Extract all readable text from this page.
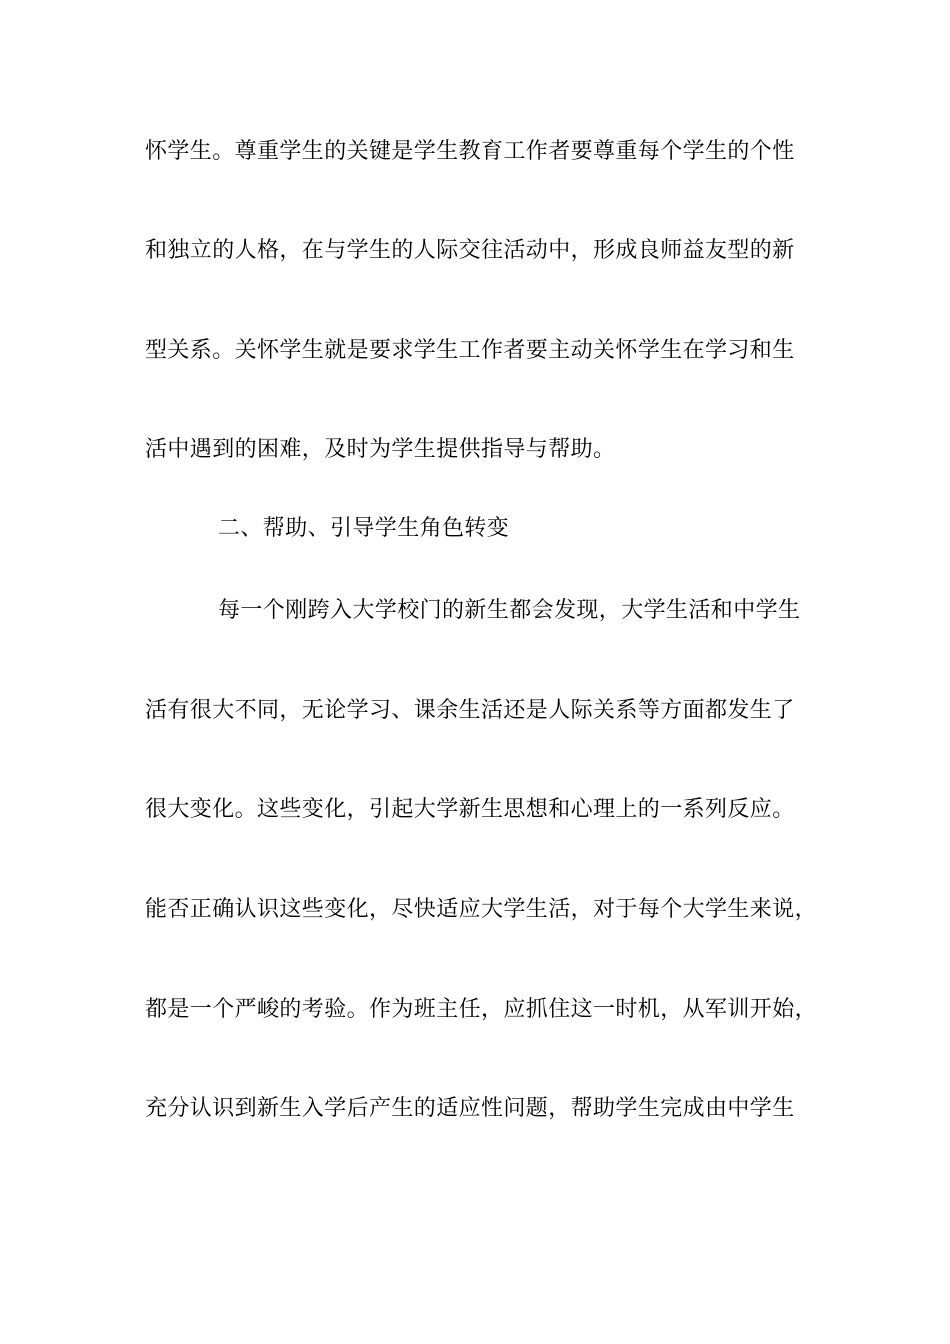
怀学生。尊重学生的关键是学生教育工作者要尊重每个学生的个性
和独立的人格，在与学生的人际交往活动中，形成良师益友型的新
型关系。关怀学生就是要求学生工作者要主动关怀学生在学习和生
活中遇到的困难，及时为学生提供指导与帮助。
二、帮助、引导学生角色转变
每一个刚跨入大学校门的新生都会发现，大学生活和中学生
活有很大不同，无论学习、课余生活还是人际关系等方面都发生了
很大变化。这些变化，引起大学新生思想和心理上的一系列反应。
能否正确认识这些变化，尽快适应大学生活，对于每个大学生来说，
都是一个严峻的考验。作为班主任，应抓住这一时机，从军训开始，
充分认识到新生入学后产生的适应性问题，帮助学生完成由中学生
